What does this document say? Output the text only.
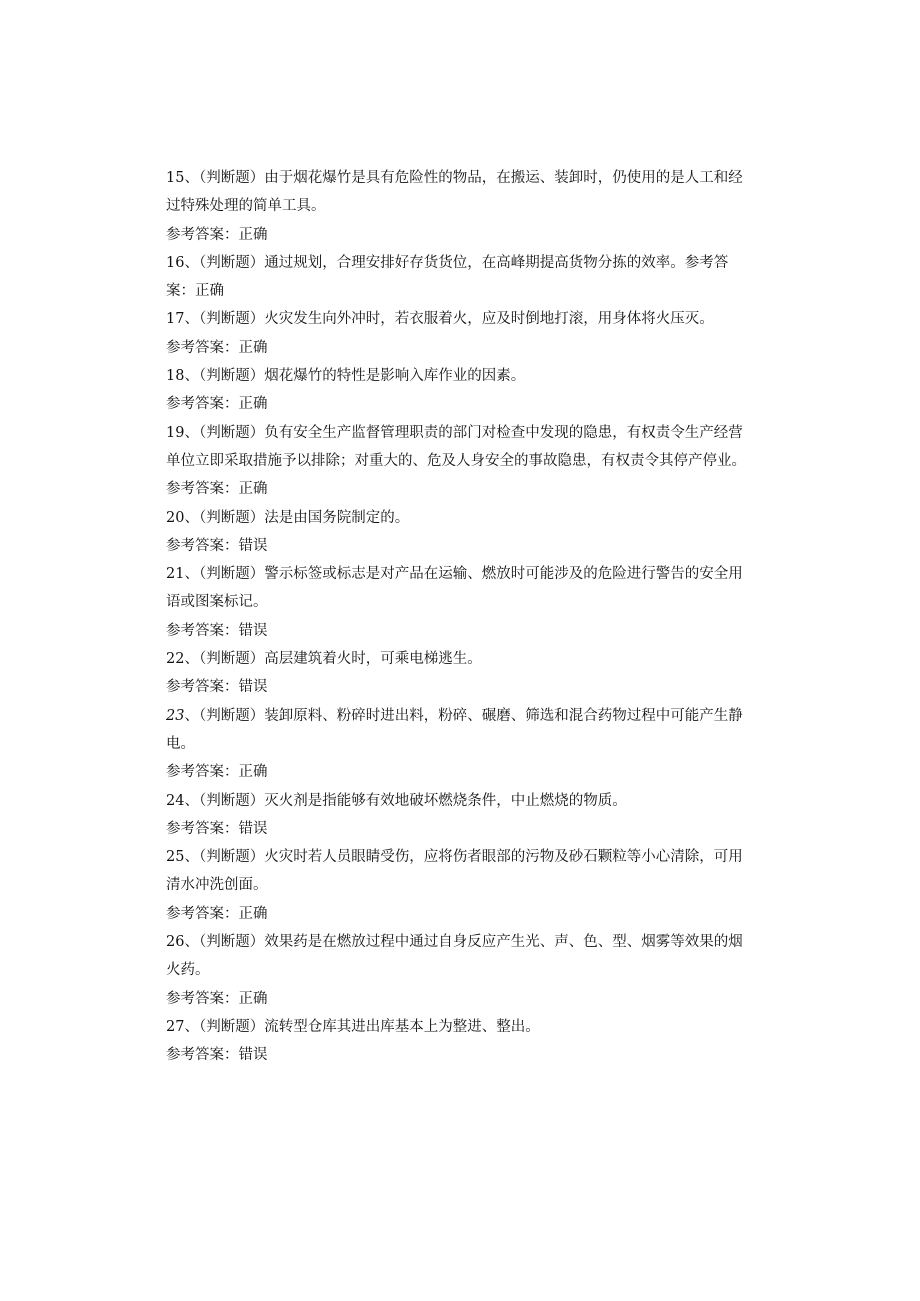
15、（判断题）由于烟花爆竹是具有危险性的物品，在搬运、装卸时，仍使用的是人工和经过特殊处理的简单工具。
参考答案：正确
16、（判断题）通过规划，合理安排好存货货位，在高峰期提高货物分拣的效率。参考答案：正确
17、（判断题）火灾发生向外冲时，若衣服着火，应及时倒地打滚，用身体将火压灭。
参考答案：正确
18、（判断题）烟花爆竹的特性是影响入库作业的因素。
参考答案：正确
19、（判断题）负有安全生产监督管理职责的部门对检查中发现的隐患，有权责令生产经营单位立即采取措施予以排除；对重大的、危及人身安全的事故隐患，有权责令其停产停业。
参考答案：正确
20、（判断题）法是由国务院制定的。
参考答案：错误
21、（判断题）警示标签或标志是对产品在运输、燃放时可能涉及的危险进行警告的安全用语或图案标记。
参考答案：错误
22、（判断题）高层建筑着火时，可乘电梯逃生。
参考答案：错误
23、（判断题）装卸原料、粉碎时进出料，粉碎、碾磨、筛选和混合药物过程中可能产生静电。
参考答案：正确
24、（判断题）灭火剂是指能够有效地破坏燃烧条件，中止燃烧的物质。
参考答案：错误
25、（判断题）火灾时若人员眼睛受伤，应将伤者眼部的污物及砂石颗粒等小心清除，可用清水冲洗创面。
参考答案：正确
26、（判断题）效果药是在燃放过程中通过自身反应产生光、声、色、型、烟雾等效果的烟火药。
参考答案：正确
27、（判断题）流转型仓库其进出库基本上为整进、整出。
参考答案：错误
